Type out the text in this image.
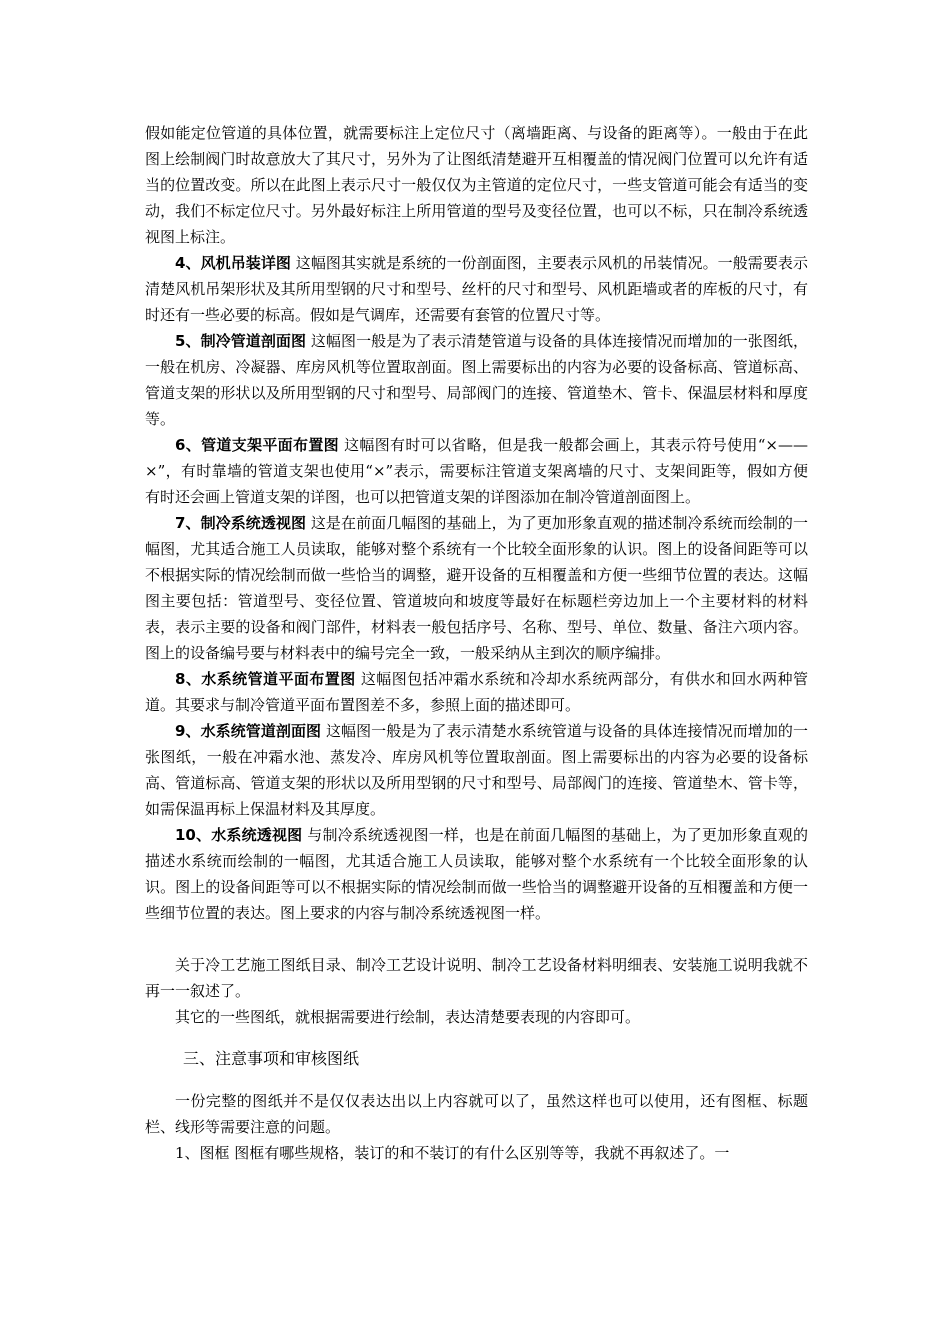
假如能定位管道的具体位置，就需要标注上定位尺寸（离墙距离、与设备的距离等）。一般由于在此图上绘制阀门时故意放大了其尺寸，另外为了让图纸清楚避开互相覆盖的情况阀门位置可以允许有适当的位置改变。所以在此图上表示尺寸一般仅仅为主管道的定位尺寸，一些支管道可能会有适当的变动，我们不标定位尺寸。另外最好标注上所用管道的型号及变径位置，也可以不标，只在制冷系统透视图上标注。

4、风机吊装详图 这幅图其实就是系统的一份剖面图，主要表示风机的吊装情况。一般需要表示清楚风机吊架形状及其所用型钢的尺寸和型号、丝杆的尺寸和型号、风机距墙或者的库板的尺寸，有时还有一些必要的标高。假如是气调库，还需要有套管的位置尺寸等。

5、制冷管道剖面图 这幅图一般是为了表示清楚管道与设备的具体连接情况而增加的一张图纸，一般在机房、冷凝器、库房风机等位置取剖面。图上需要标出的内容为必要的设备标高、管道标高、管道支架的形状以及所用型钢的尺寸和型号、局部阀门的连接、管道垫木、管卡、保温层材料和厚度等。

6、管道支架平面布置图 这幅图有时可以省略，但是我一般都会画上，其表示符号使用“×——×”，有时靠墙的管道支架也使用“×”表示，需要标注管道支架离墙的尺寸、支架间距等，假如方便有时还会画上管道支架的详图，也可以把管道支架的详图添加在制冷管道剖面图上。

7、制冷系统透视图 这是在前面几幅图的基础上，为了更加形象直观的描述制冷系统而绘制的一幅图，尤其适合施工人员读取，能够对整个系统有一个比较全面形象的认识。图上的设备间距等可以不根据实际的情况绘制而做一些恰当的调整，避开设备的互相覆盖和方便一些细节位置的表达。这幅图主要包括：管道型号、变径位置、管道坡向和坡度等最好在标题栏旁边加上一个主要材料的材料表，表示主要的设备和阀门部件，材料表一般包括序号、名称、型号、单位、数量、备注六项内容。图上的设备编号要与材料表中的编号完全一致，一般采纳从主到次的顺序编排。

8、水系统管道平面布置图 这幅图包括冲霜水系统和冷却水系统两部分，有供水和回水两种管道。其要求与制冷管道平面布置图差不多，参照上面的描述即可。

9、水系统管道剖面图 这幅图一般是为了表示清楚水系统管道与设备的具体连接情况而增加的一张图纸，一般在冲霜水池、蒸发冷、库房风机等位置取剖面。图上需要标出的内容为必要的设备标高、管道标高、管道支架的形状以及所用型钢的尺寸和型号、局部阀门的连接、管道垫木、管卡等，如需保温再标上保温材料及其厚度。

10、水系统透视图 与制冷系统透视图一样，也是在前面几幅图的基础上，为了更加形象直观的描述水系统而绘制的一幅图，尤其适合施工人员读取，能够对整个水系统有一个比较全面形象的认识。图上的设备间距等可以不根据实际的情况绘制而做一些恰当的调整避开设备的互相覆盖和方便一些细节位置的表达。图上要求的内容与制冷系统透视图一样。

关于冷工艺施工图纸目录、制冷工艺设计说明、制冷工艺设备材料明细表、安装施工说明我就不再一一叙述了。

其它的一些图纸，就根据需要进行绘制，表达清楚要表现的内容即可。

三、注意事项和审核图纸

一份完整的图纸并不是仅仅表达出以上内容就可以了，虽然这样也可以使用，还有图框、标题栏、线形等需要注意的问题。

1、图框 图框有哪些规格，装订的和不装订的有什么区别等等，我就不再叙述了。一
